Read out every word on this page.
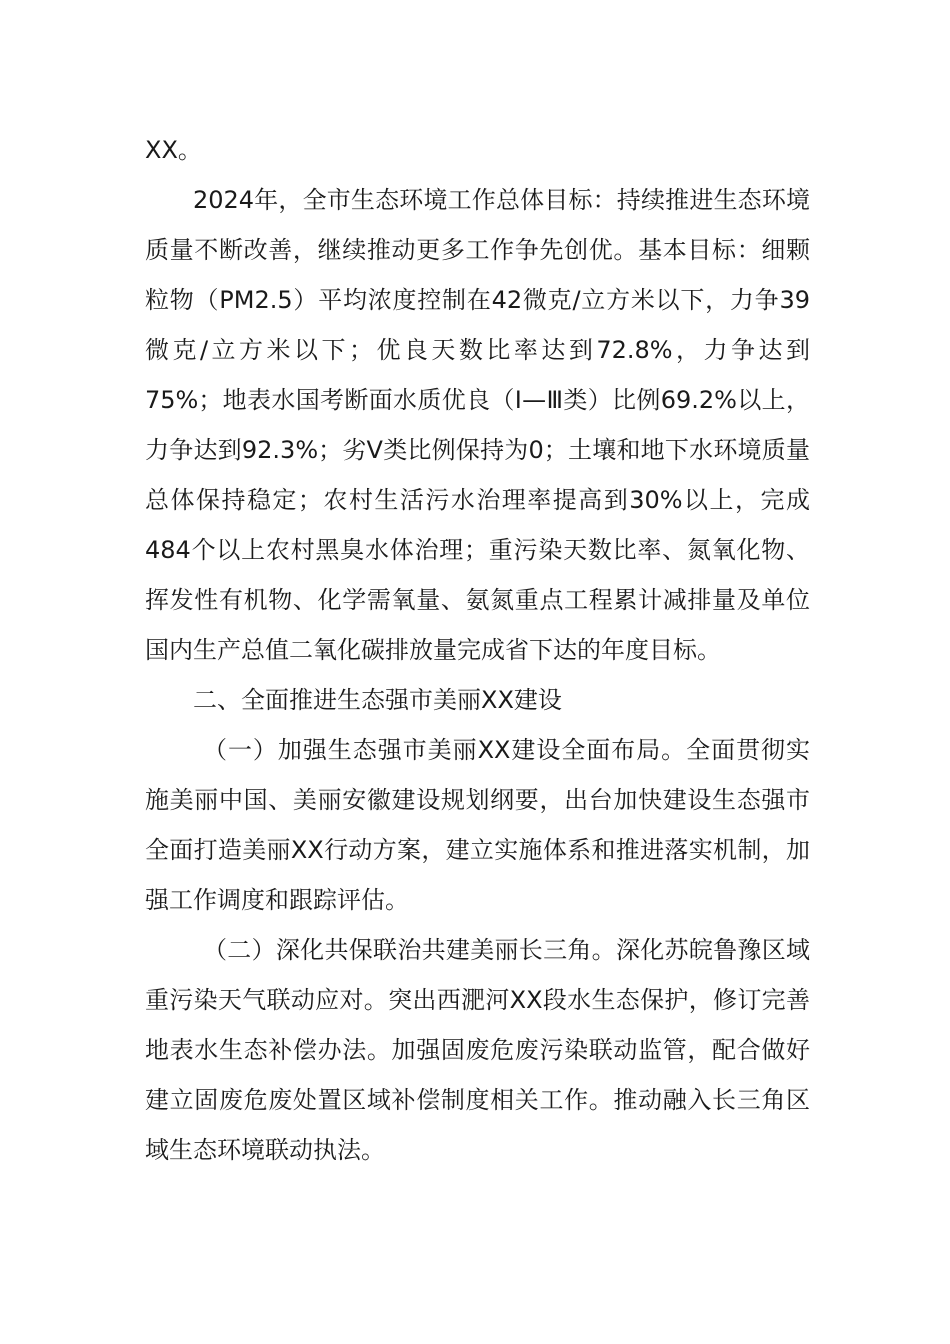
XX。

2024年，全市生态环境工作总体目标：持续推进生态环境质量不断改善，继续推动更多工作争先创优。基本目标：细颗粒物（PM2.5）平均浓度控制在42微克/立方米以下，力争39微克/立方米以下；优良天数比率达到72.8%，力争达到75%；地表水国考断面水质优良（Ⅰ—Ⅲ类）比例69.2%以上，力争达到92.3%；劣Ⅴ类比例保持为0；土壤和地下水环境质量总体保持稳定；农村生活污水治理率提高到30%以上，完成484个以上农村黑臭水体治理；重污染天数比率、氮氧化物、挥发性有机物、化学需氧量、氨氮重点工程累计减排量及单位国内生产总值二氧化碳排放量完成省下达的年度目标。

二、全面推进生态强市美丽XX建设

（一）加强生态强市美丽XX建设全面布局。全面贯彻实施美丽中国、美丽安徽建设规划纲要，出台加快建设生态强市全面打造美丽XX行动方案，建立实施体系和推进落实机制，加强工作调度和跟踪评估。

（二）深化共保联治共建美丽长三角。深化苏皖鲁豫区域重污染天气联动应对。突出西淝河XX段水生态保护，修订完善地表水生态补偿办法。加强固废危废污染联动监管，配合做好建立固废危废处置区域补偿制度相关工作。推动融入长三角区域生态环境联动执法。
